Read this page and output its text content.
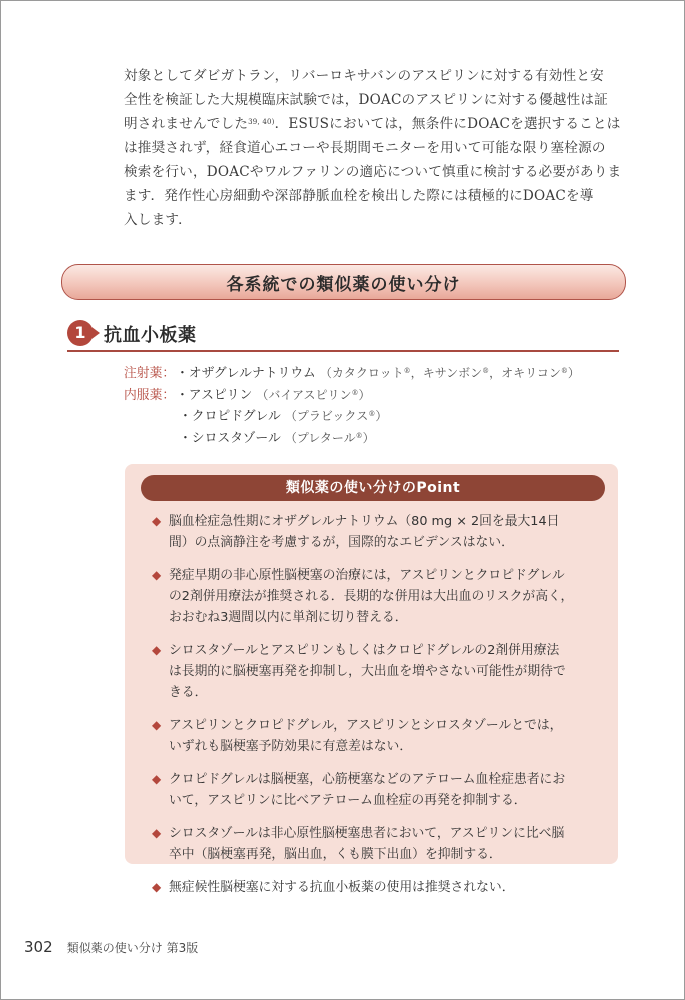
対象としてダビガトラン，リバーロキサバンのアスピリンに対する有効性と安

全性を検証した大規模臨床試験では，DOACのアスピリンに対する優越性は証

明されませんでした$^{39, 40)}$．ESUSにおいては，無条件にDOACを選択することは

は推奨されず，経食道心エコーや長期間モニターを用いて可能な限り塞栓源の

検索を行い，DOACやワルファリンの適応について慎重に検討する必要がありま

ます．発作性心房細動や深部静脈血栓を検出した際には積極的にDOACを導

入します．

各系統での類似薬の使い分け
1	抗血小板薬
注射薬：・オザグレルナトリウム （カタクロット®，キサンボン®，オキリコン®）
内服薬：・アスピリン （バイアスピリン®）
・クロピドグレル （プラビックス®）
・シロスタゾール （プレタール®）
類似薬の使い分けのPoint
◆ 脳血栓症急性期にオザグレルナトリウム（80 mg × 2回を最大14日
間）の点滴静注を考慮するが，国際的なエビデンスはない．
◆ 発症早期の非心原性脳梗塞の治療には，アスピリンとクロピドグレル
の2剤併用療法が推奨される．長期的な併用は大出血のリスクが高く，
おおむね3週間以内に単剤に切り替える．
◆ シロスタゾールとアスピリンもしくはクロピドグレルの2剤併用療法
は長期的に脳梗塞再発を抑制し，大出血を増やさない可能性が期待で
きる．
◆ アスピリンとクロピドグレル，アスピリンとシロスタゾールとでは，
いずれも脳梗塞予防効果に有意差はない．
◆ クロピドグレルは脳梗塞，心筋梗塞などのアテローム血栓症患者にお
いて，アスピリンに比べアテローム血栓症の再発を抑制する．
◆ シロスタゾールは非心原性脳梗塞患者において，アスピリンに比べ脳
卒中（脳梗塞再発，脳出血，くも膜下出血）を抑制する．
◆ 無症候性脳梗塞に対する抗血小板薬の使用は推奨されない．
302 類似薬の使い分け 第3版
